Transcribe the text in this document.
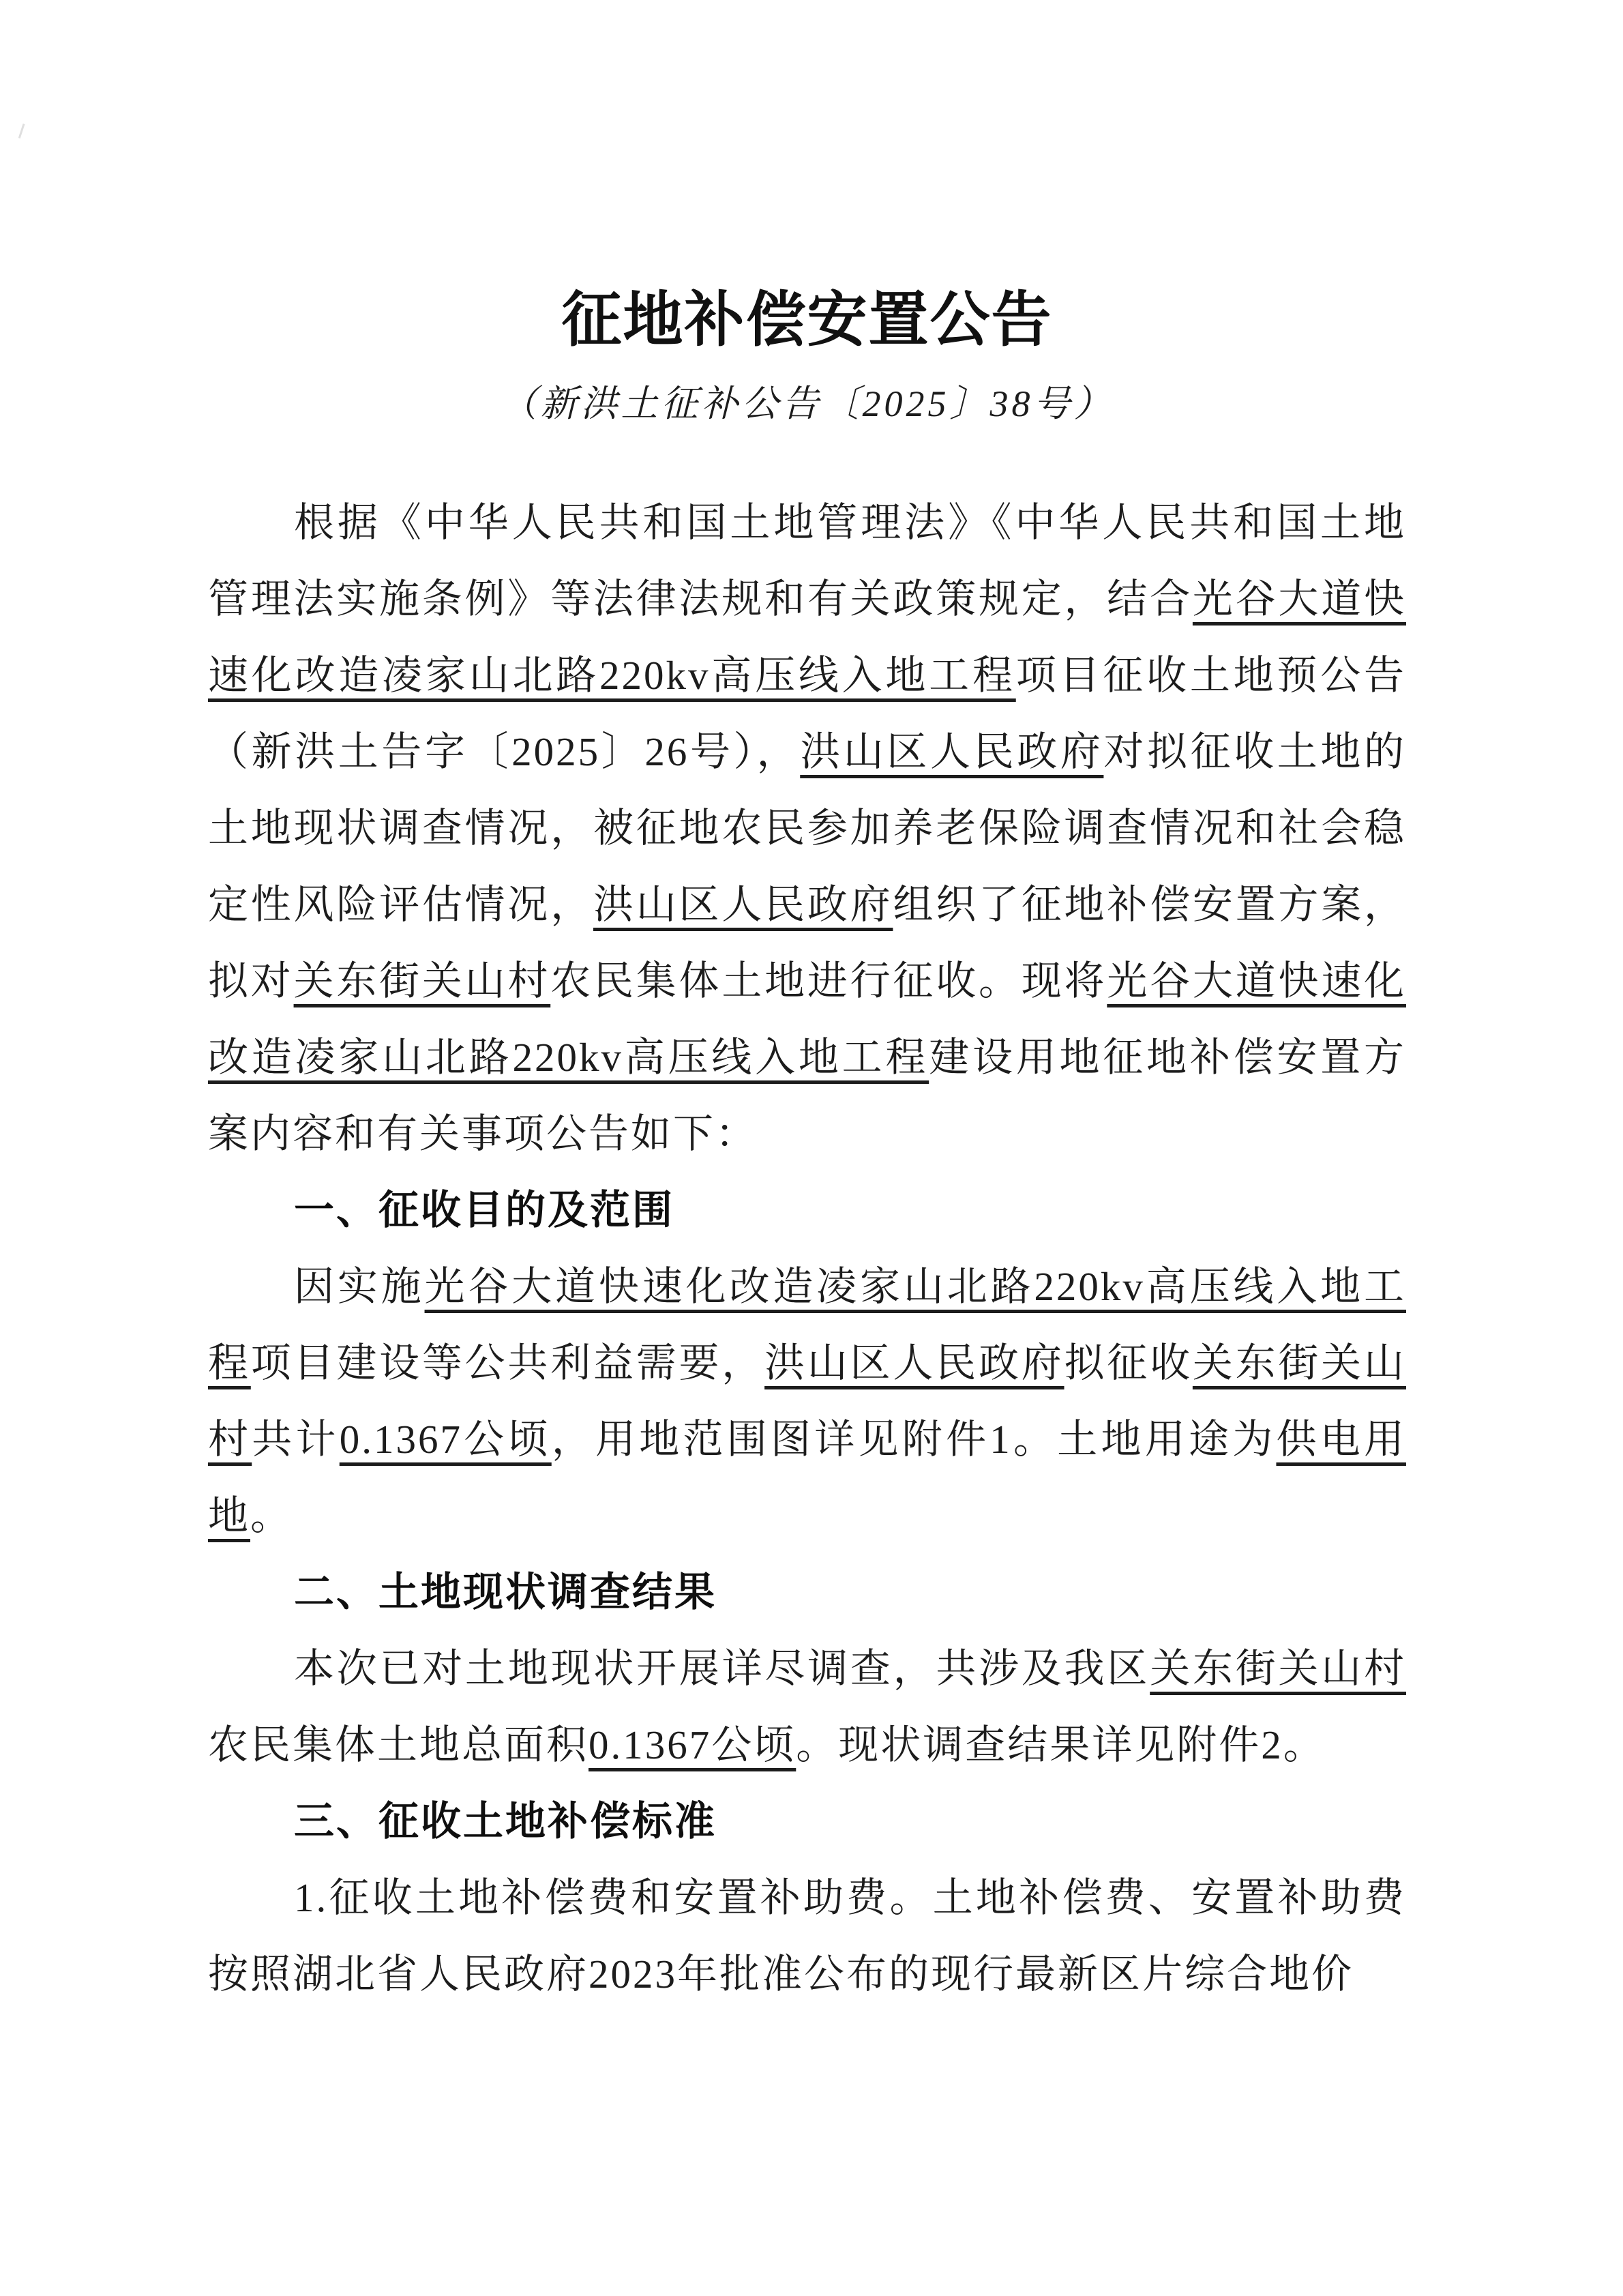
征地补偿安置公告
（新洪土征补公告〔2025〕38号）

根据《中华人民共和国土地管理法》《中华人民共和国土地管理法实施条例》等法律法规和有关政策规定，结合光谷大道快速化改造凌家山北路220kv高压线入地工程项目征收土地预公告（新洪土告字〔2025〕26号），洪山区人民政府对拟征收土地的土地现状调查情况，被征地农民参加养老保险调查情况和社会稳定性风险评估情况，洪山区人民政府组织了征地补偿安置方案，拟对关东街关山村农民集体土地进行征收。现将光谷大道快速化改造凌家山北路220kv高压线入地工程建设用地征地补偿安置方案内容和有关事项公告如下：

一、征收目的及范围

因实施光谷大道快速化改造凌家山北路220kv高压线入地工程项目建设等公共利益需要，洪山区人民政府拟征收关东街关山村共计0.1367公顷，用地范围图详见附件1。土地用途为供电用地。

二、土地现状调查结果

本次已对土地现状开展详尽调查，共涉及我区关东街关山村农民集体土地总面积0.1367公顷。现状调查结果详见附件2。

三、征收土地补偿标准

1.征收土地补偿费和安置补助费。土地补偿费、安置补助费按照湖北省人民政府2023年批准公布的现行最新区片综合地价
